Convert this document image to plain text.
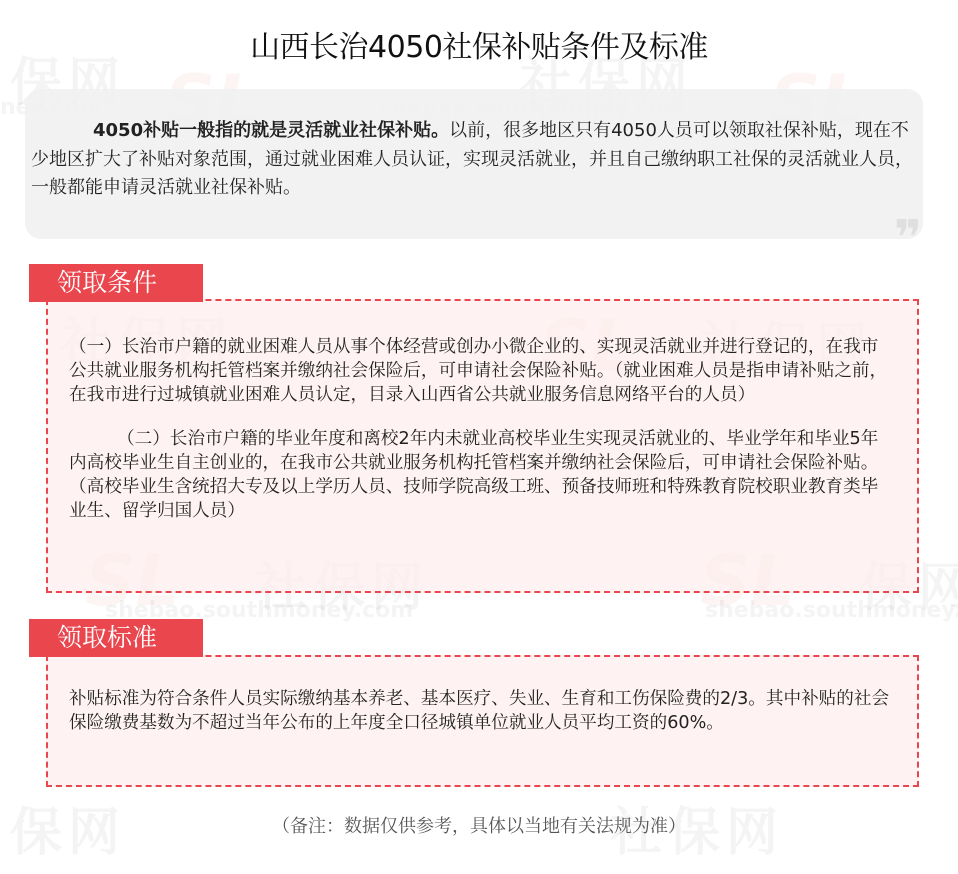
山西长治4050社保补贴条件及标准
4050补贴一般指的就是灵活就业社保补贴。以前，很多地区只有4050人员可以领取社保补贴，现在不少地区扩大了补贴对象范围，通过就业困难人员认证，实现灵活就业，并且自己缴纳职工社保的灵活就业人员，一般都能申请灵活就业社保补贴。
❞

（一）长治市户籍的就业困难人员从事个体经营或创办小微企业的、实现灵活就业并进行登记的，在我市公共就业服务机构托管档案并缴纳社会保险后，可申请社会保险补贴。（就业困难人员是指申请补贴之前，在我市进行过城镇就业困难人员认定，目录入山西省公共就业服务信息网络平台的人员）

（二）长治市户籍的毕业年度和离校2年内未就业高校毕业生实现灵活就业的、毕业学年和毕业5年内高校毕业生自主创业的，在我市公共就业服务机构托管档案并缴纳社会保险后，可申请社会保险补贴。（高校毕业生含统招大专及以上学历人员、技师学院高级工班、预备技师班和特殊教育院校职业教育类毕业生、留学归国人员）

领取条件

补贴标准为符合条件人员实际缴纳基本养老、基本医疗、失业、生育和工伤保险费的2/3。其中补贴的社会保险缴费基数为不超过当年公布的上年度全口径城镇单位就业人员平均工资的60%。

领取标准
（备注：数据仅供参考，具体以当地有关法规为准）
